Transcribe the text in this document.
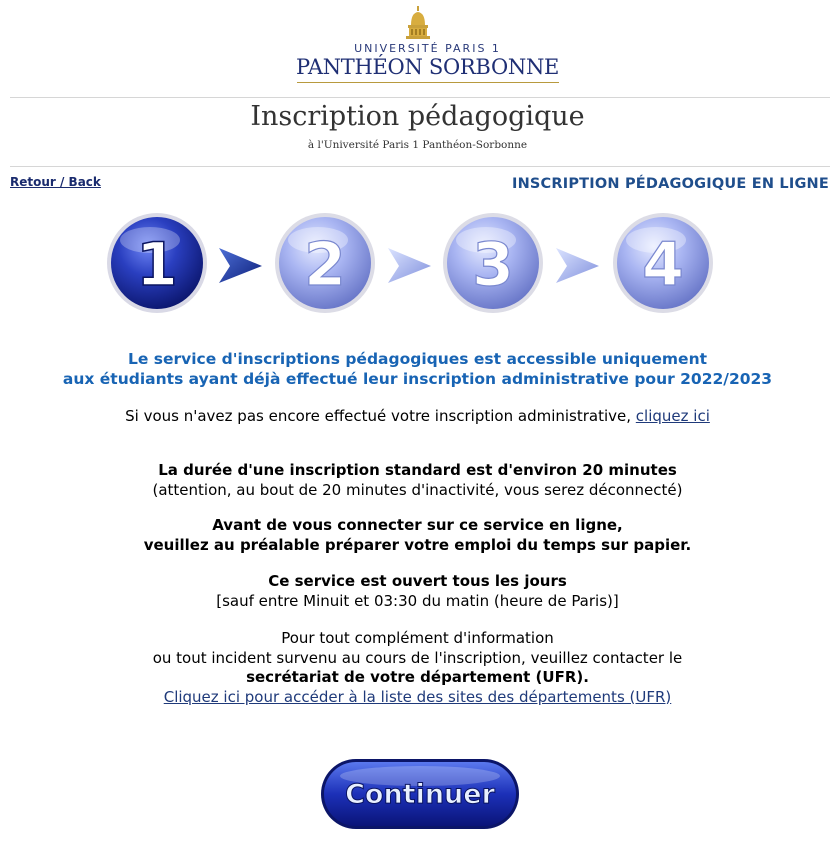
UNIVERSITÉ PARIS 1
PANTHÉON SORBONNE
Inscription pédagogique
à l'Université Paris 1 Panthéon-Sorbonne
Retour / Back	INSCRIPTION PÉDAGOGIQUE EN LIGNE
1 2 3 4
Le service d'inscriptions pédagogiques est accessible uniquement
aux étudiants ayant déjà effectué leur inscription administrative pour 2022/2023
Si vous n'avez pas encore effectué votre inscription administrative, cliquez ici
La durée d'une inscription standard est d'environ 20 minutes
(attention, au bout de 20 minutes d'inactivité, vous serez déconnecté)
Avant de vous connecter sur ce service en ligne,
veuillez au préalable préparer votre emploi du temps sur papier.
Ce service est ouvert tous les jours
[sauf entre Minuit et 03:30 du matin (heure de Paris)]
Pour tout complément d'information
ou tout incident survenu au cours de l'inscription, veuillez contacter le
secrétariat de votre département (UFR).
Cliquez ici pour accéder à la liste des sites des départements (UFR)
Continuer
